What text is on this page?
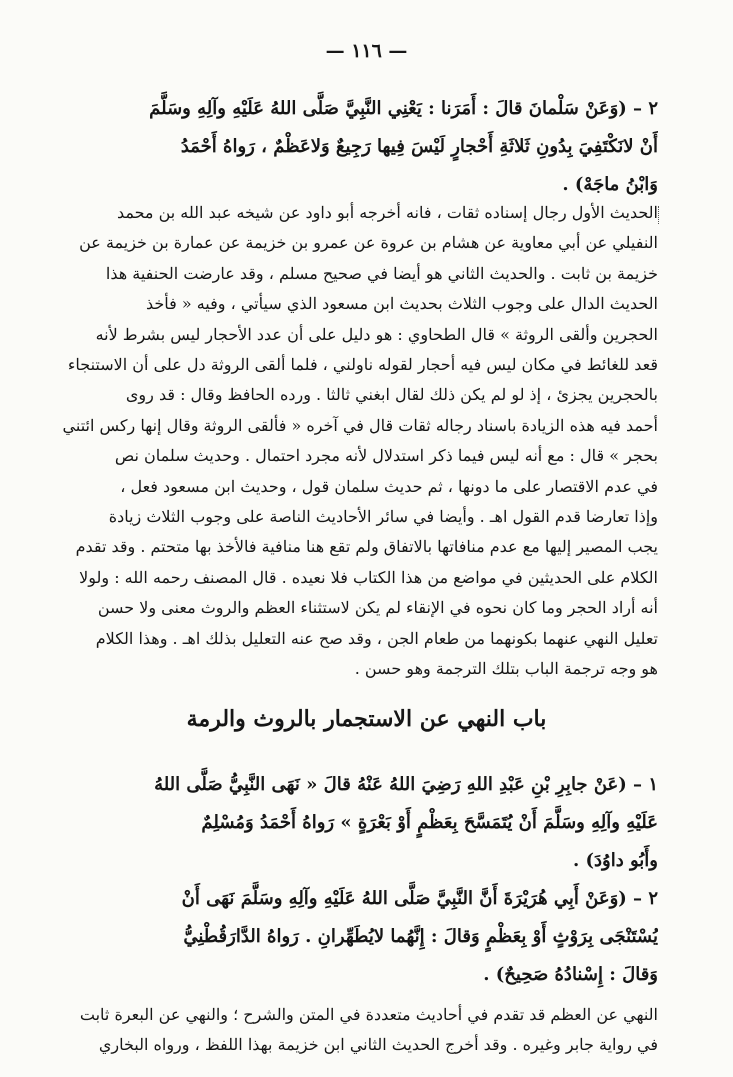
— ١١٦ —
٢ – (وَعَنْ سَلْمانَ قالَ : أَمَرَنا : يَعْنِي النَّبِيَّ صَلَّى اللهُ عَلَيْهِ وآلِهِ وسَلَّمَ
أَنْ لانَكْتَفِيَ بِدُونِ ثَلاثَةِ أَحْجارٍ لَيْسَ فِيها رَجِيعٌ وَلاعَظْمٌ ، رَواهُ أَحْمَدُ
وَابْنُ ماجَهْ) .
الحديث الأول رجال إسناده ثقات ، فانه أخرجه أبو داود عن شيخه عبد الله بن محمد
النفيلي عن أبي معاوية عن هشام بن عروة عن عمرو بن خزيمة عن عمارة بن خزيمة عن
خزيمة بن ثابت . والحديث الثاني هو أيضا في صحيح مسلم ، وقد عارضت الحنفية هذا
الحديث الدال على وجوب الثلاث بحديث ابن مسعود الذي سيأتي ، وفيه « فأخذ
الحجرين وألقى الروثة » قال الطحاوي : هو دليل على أن عدد الأحجار ليس بشرط لأنه
قعد للغائط في مكان ليس فيه أحجار لقوله ناولني ، فلما ألقى الروثة دل على أن الاستنجاء
بالحجرين يجزئ ، إذ لو لم يكن ذلك لقال ابغني ثالثا . ورده الحافظ وقال : قد روى
أحمد فيه هذه الزيادة باسناد رجاله ثقات قال في آخره « فألقى الروثة وقال إنها ركس ائتني
بحجر » قال : مع أنه ليس فيما ذكر استدلال لأنه مجرد احتمال . وحديث سلمان نص
في عدم الاقتصار على ما دونها ، ثم حديث سلمان قول ، وحديث ابن مسعود فعل ،
وإذا تعارضا قدم القول اهـ . وأيضا في سائر الأحاديث الناصة على وجوب الثلاث زيادة
يجب المصير إليها مع عدم منافاتها بالاتفاق ولم تقع هنا منافية فالأخذ بها متحتم . وقد تقدم
الكلام على الحديثين في مواضع من هذا الكتاب فلا نعيده . قال المصنف رحمه الله : ولولا
أنه أراد الحجر وما كان نحوه في الإنقاء لم يكن لاستثناء العظم والروث معنى ولا حسن
تعليل النهي عنهما بكونهما من طعام الجن ، وقد صح عنه التعليل بذلك اهـ . وهذا الكلام
هو وجه ترجمة الباب بتلك الترجمة وهو حسن .
باب النهي عن الاستجمار بالروث والرمة
١ – (عَنْ جابِرِ بْنِ عَبْدِ اللهِ رَضِيَ اللهُ عَنْهُ قالَ « نَهَى النَّبِيُّ صَلَّى اللهُ
عَلَيْهِ وآلِهِ وسَلَّمَ أَنْ يُتَمَسَّحَ بِعَظْمٍ أَوْ بَعْرَةٍ » رَواهُ أَحْمَدُ وَمُسْلِمٌ
وأَبُو داوُدَ) .
٢ – (وَعَنْ أَبِي هُرَيْرَةَ أَنَّ النَّبِيَّ صَلَّى اللهُ عَلَيْهِ وآلِهِ وسَلَّمَ نَهَى أَنْ
يُسْتَنْجَى بِرَوْثٍ أَوْ بِعَظْمٍ وَقالَ : إِنَّهُما لايُطَهِّرانِ . رَواهُ الدَّارَقُطْنِيُّ
وَقالَ : إِسْنادُهُ صَحِيحٌ) .
النهي عن العظم قد تقدم في أحاديث متعددة في المتن والشرح ؛ والنهي عن البعرة ثابت
في رواية جابر وغيره . وقد أخرج الحديث الثاني ابن خزيمة بهذا اللفظ ، ورواه البخاري
